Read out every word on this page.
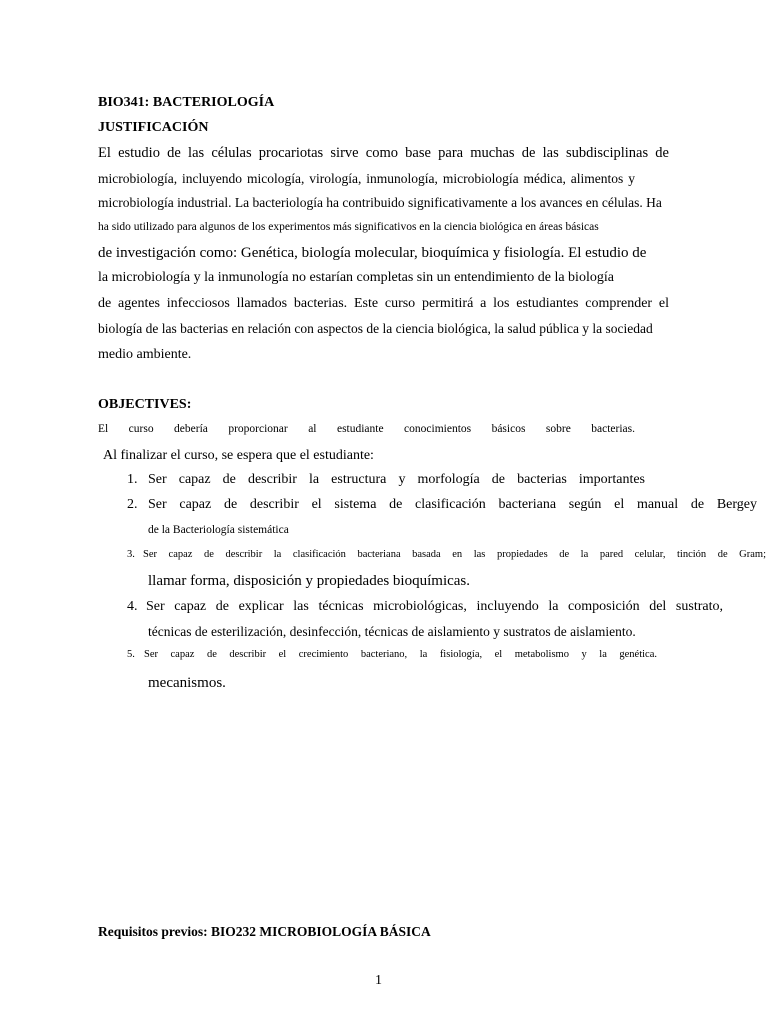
BIO341: BACTERIOLOGÍA
JUSTIFICACIÓN
El estudio de las células procariotas sirve como base para muchas de las subdisciplinas de
microbiología, incluyendo micología, virología, inmunología, microbiología médica, alimentos y
microbiología industrial. La bacteriología ha contribuido significativamente a los avances en células. Ha
ha sido utilizado para algunos de los experimentos más significativos en la ciencia biológica en áreas básicas
de investigación como: Genética, biología molecular, bioquímica y fisiología. El estudio de
la microbiología y la inmunología no estarían completas sin un entendimiento de la biología
de agentes infecciosos llamados bacterias. Este curso permitirá a los estudiantes comprender el
biología de las bacterias en relación con aspectos de la ciencia biológica, la salud pública y la sociedad
medio ambiente.
OBJECTIVES:
El curso debería proporcionar al estudiante conocimientos básicos sobre bacterias.
Al finalizar el curso, se espera que el estudiante:
1. Ser capaz de describir la estructura y morfología de bacterias importantes
2. Ser capaz de describir el sistema de clasificación bacteriana según el manual de Bergey
de la Bacteriología sistemática
3. Ser capaz de describir la clasificación bacteriana basada en las propiedades de la pared celular, tinción de Gram;
llamar forma, disposición y propiedades bioquímicas.
4. Ser capaz de explicar las técnicas microbiológicas, incluyendo la composición del sustrato,
técnicas de esterilización, desinfección, técnicas de aislamiento y sustratos de aislamiento.
5. Ser capaz de describir el crecimiento bacteriano, la fisiología, el metabolismo y la genética.
mecanismos.
Requisitos previos: BIO232 MICROBIOLOGÍA BÁSICA
1
